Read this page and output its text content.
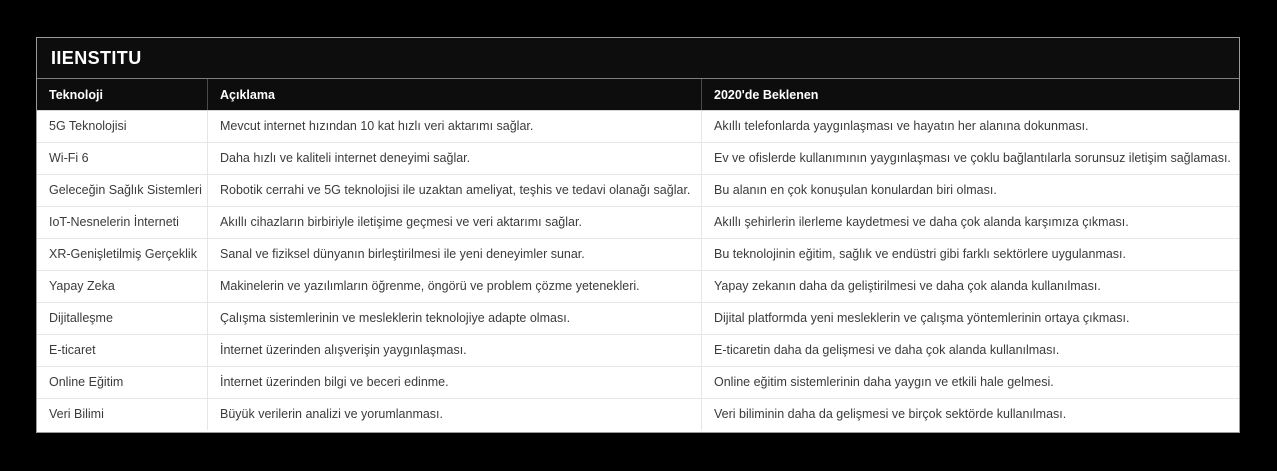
IIENSTITU
Teknoloji	Açıklama	2020'de Beklenen
5G Teknolojisi	Mevcut internet hızından 10 kat hızlı veri aktarımı sağlar.	Akıllı telefonlarda yaygınlaşması ve hayatın her alanına dokunması.
Wi-Fi 6	Daha hızlı ve kaliteli internet deneyimi sağlar.	Ev ve ofislerde kullanımının yaygınlaşması ve çoklu bağlantılarla sorunsuz iletişim sağlaması.
Geleceğin Sağlık Sistemleri	Robotik cerrahi ve 5G teknolojisi ile uzaktan ameliyat, teşhis ve tedavi olanağı sağlar.	Bu alanın en çok konuşulan konulardan biri olması.
IoT-Nesnelerin İnterneti	Akıllı cihazların birbiriyle iletişime geçmesi ve veri aktarımı sağlar.	Akıllı şehirlerin ilerleme kaydetmesi ve daha çok alanda karşımıza çıkması.
XR-Genişletilmiş Gerçeklik	Sanal ve fiziksel dünyanın birleştirilmesi ile yeni deneyimler sunar.	Bu teknolojinin eğitim, sağlık ve endüstri gibi farklı sektörlere uygulanması.
Yapay Zeka	Makinelerin ve yazılımların öğrenme, öngörü ve problem çözme yetenekleri.	Yapay zekanın daha da geliştirilmesi ve daha çok alanda kullanılması.
Dijitalleşme	Çalışma sistemlerinin ve mesleklerin teknolojiye adapte olması.	Dijital platformda yeni mesleklerin ve çalışma yöntemlerinin ortaya çıkması.
E-ticaret	İnternet üzerinden alışverişin yaygınlaşması.	E-ticaretin daha da gelişmesi ve daha çok alanda kullanılması.
Online Eğitim	İnternet üzerinden bilgi ve beceri edinme.	Online eğitim sistemlerinin daha yaygın ve etkili hale gelmesi.
Veri Bilimi	Büyük verilerin analizi ve yorumlanması.	Veri biliminin daha da gelişmesi ve birçok sektörde kullanılması.
